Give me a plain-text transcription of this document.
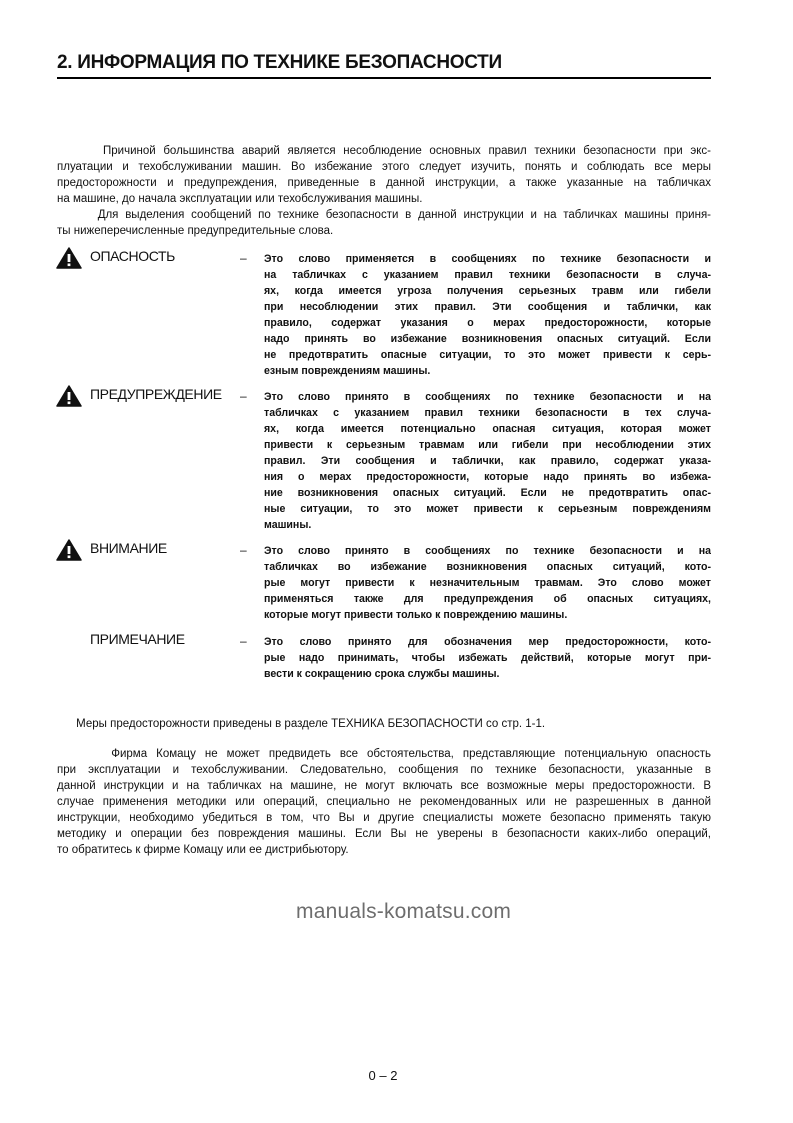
2. ИНФОРМАЦИЯ ПО ТЕХНИКЕ БЕЗОПАСНОСТИ
Причиной большинства аварий является несоблюдение основных правил техники безопасности при экс-
плуатации и техобслуживании машин. Во избежание этого следует изучить, понять и соблюдать все меры
предосторожности и предупреждения, приведенные в данной инструкции, а также указанные на табличках
на машине, до начала эксплуатации или техобслуживания машины.
Для выделения сообщений по технике безопасности в данной инструкции и на табличках машины приня-
ты нижеперечисленные предупредительные слова.
ОПАСНОСТЬ	– Это слово применяется в сообщениях по технике безопасности и
на табличках с указанием правил техники безопасности в случа-
ях, когда имеется угроза получения серьезных травм или гибели
при несоблюдении этих правил. Эти сообщения и таблички, как
правило, содержат указания о мерах предосторожности, которые
надо принять во избежание возникновения опасных ситуаций. Если
не предотвратить опасные ситуации, то это может привести к серь-
езным повреждениям машины.
ПРЕДУПРЕЖДЕНИЕ – Это слово принято в сообщениях по технике безопасности и на
табличках с указанием правил техники безопасности в тех случа-
ях, когда имеется потенциально опасная ситуация, которая может
привести к серьезным травмам или гибели при несоблюдении этих
правил. Эти сообщения и таблички, как правило, содержат указа-
ния о мерах предосторожности, которые надо принять во избежа-
ние возникновения опасных ситуаций. Если не предотвратить опас-
ные ситуации, то это может привести к серьезным повреждениям
машины.
ВНИМАНИЕ	– Это слово принято в сообщениях по технике безопасности и на
табличках во избежание возникновения опасных ситуаций, кото-
рые могут привести к незначительным травмам. Это слово может
применяться также для предупреждения об опасных ситуациях,
которые могут привести только к повреждению машины.
ПРИМЕЧАНИЕ	– Это слово принято для обозначения мер предосторожности, кото-
рые надо принимать, чтобы избежать действий, которые могут при-
вести к сокращению срока службы машины.
Меры предосторожности приведены в разделе ТЕХНИКА БЕЗОПАСНОСТИ со стр. 1-1.
Фирма Комацу не может предвидеть все обстоятельства, представляющие потенциальную опасность
при эксплуатации и техобслуживании. Следовательно, сообщения по технике безопасности, указанные в
данной инструкции и на табличках на машине, не могут включать все возможные меры предосторожности. В
случае применения методики или операций, специально не рекомендованных или не разрешенных в данной
инструкции, необходимо убедиться в том, что Вы и другие специалисты можете безопасно применять такую
методику и операции без повреждения машины. Если Вы не уверены в безопасности каких-либо операций,
то обратитесь к фирме Комацу или ее дистрибьютору.
manuals-komatsu.com
0 – 2
